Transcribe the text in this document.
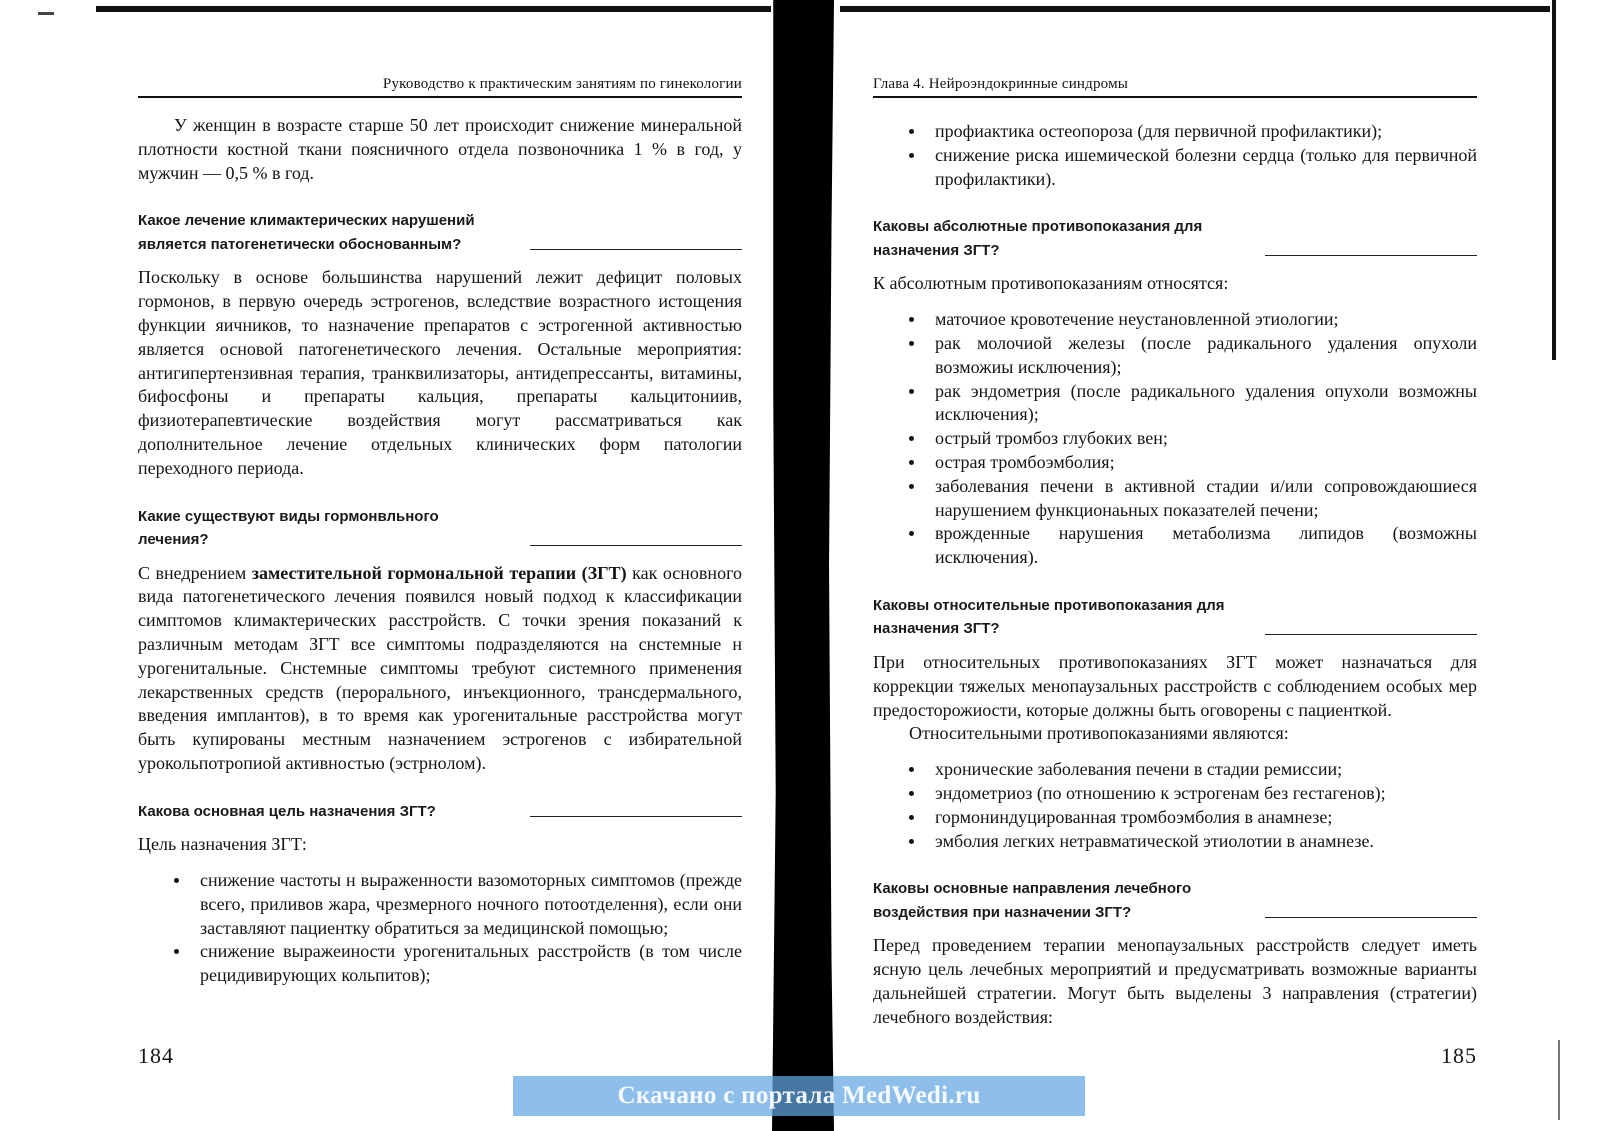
Руководство к практическим занятиям по гинекологии

У женщин в возрасте старше 50 лет происходит снижение минеральной плотности костной ткани поясничного отдела позвоночника 1 % в год, у мужчин — 0,5 % в год.

Какое лечение климактерических нарушений является патогенетически обоснованным?

Поскольку в основе большинства нарушений лежит дефицит половых гормонов, в первую очередь эстрогенов, вследствие возрастного истощения функции яичников, то назначение препаратов с эстрогенной активностью является основой патогенетического лечения. Остальные мероприятия: антигипертензивная терапия, транквилизаторы, антидепрессанты, витамины, бифосфоны и препараты кальция, препараты кальцитониив, физиотерапевтические воздействия могут рассматриваться как дополнительное лечение отдельных клинических форм патологии переходного периода.

Какие существуют виды гормонвльного лечения?

С внедрением заместительной гормональной терапии (ЗГТ) как основного вида патогенетического лечения появился новый подход к классификации симптомов климактерических расстройств. С точки зрения показаний к различным методам ЗГТ все симптомы подразделяются на снстемные н урогенитальные. Снстемные симптомы требуют системного применения лекарственных средств (перорального, инъекционного, трансдермального, введения имплантов), в то время как урогенитальные расстройства могут быть купированы местным назначением эстрогенов с избирательной урокольпотропиой активностью (эстрнолом).

Какова основная цель назначения ЗГТ?

Цель назначения ЗГТ:

снижение частоты н выраженности вазомоторных симптомов (прежде всего, приливов жара, чрезмерного ночного потоотделення), если они заставляют пациентку обратиться за медицинской помощью;
снижение выражеиности урогенитальных расстройств (в том числе рецидивирующих кольпитов);
184
Глава 4. Нейроэндокринные синдромы
профиактика остеопороза (для первичной профилактики);
снижение риска ишемической болезни сердца (только для первичной профилактики).
Каковы абсолютные противопоказания для назначения ЗГТ?

К абсолютным противопоказаниям относятся:

маточиое кровотечение неустановленной этиологии;
рак молочиой железы (после радикального удаления опухоли возможиы исключения);
рак эндометрия (после радикального удаления опухоли возможны исключения);
острый тромбоз глубоких вен;
острая тромбоэмболия;
заболевания печени в активной стадии и/или сопровождаюшиеся нарушением функционаьных показателей печени;
врожденные нарушения метаболизма липидов (возможны исключения).
Каковы относительные противопоказания для назначения ЗГТ?

При относительных противопоказаниях ЗГТ может назначаться для коррекции тяжелых менопаузальных расстройств с соблюдением особых мер предосторожиости, которые должны быть оговорены с пациенткой.

Относительными противопоказаниями являются:

хронические заболевания печени в стадии ремиссии;
эндометриоз (по отношению к эстрогенам без гестагенов);
гормониндуцированная тромбоэмболия в анамнезе;
эмболия легких нетравматической этиолотии в анамнезе.
Каковы основные направления лечебного воздействия при назначении ЗГТ?

Перед проведением терапии менопаузальных расстройств следует иметь ясную цель лечебных мероприятий и предусматривать возможные варианты дальнейшей стратегии. Могут быть выделены 3 направления (стратегии) лечебного воздействия:

185
Скачано с портала MedWedi.ru
